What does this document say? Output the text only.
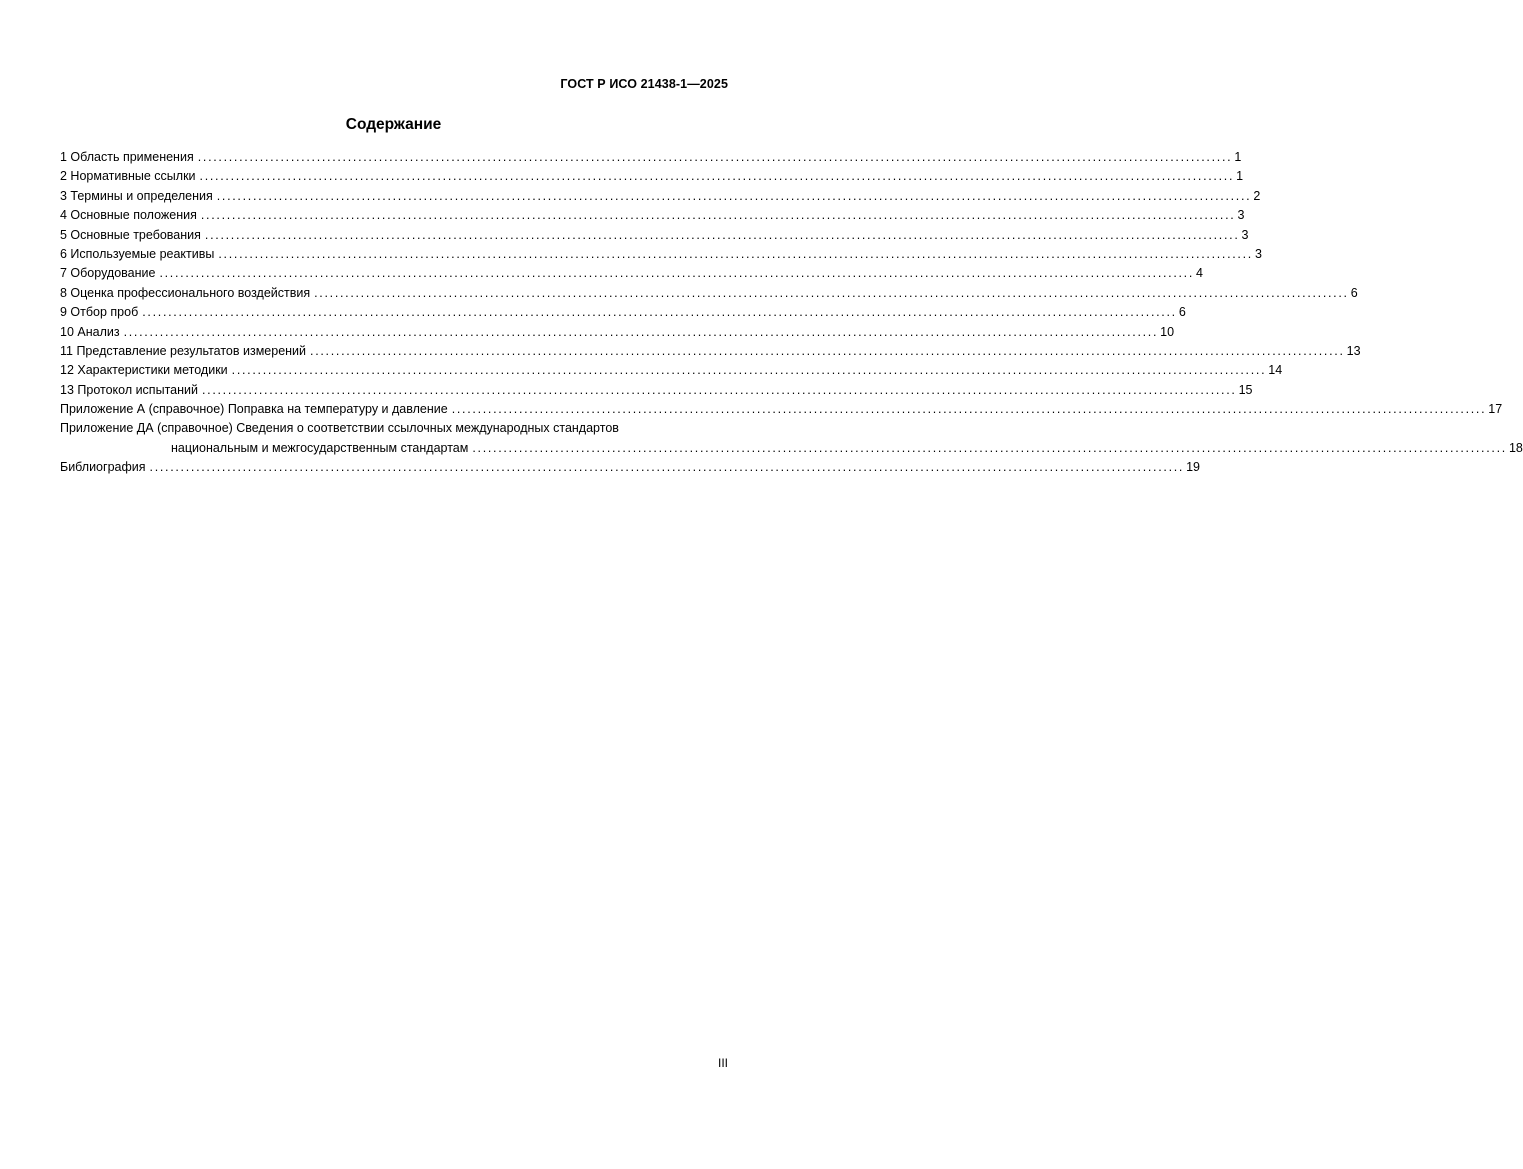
ГОСТ Р ИСО 21438-1—2025
Содержание
1 Область применения ........................................................................................................................................................................................................ 1
2 Нормативные ссылки ........................................................................................................................................................................................................ 1
3 Термины и определения ........................................................................................................................................................................................................ 2
4 Основные положения ........................................................................................................................................................................................................ 3
5 Основные требования ........................................................................................................................................................................................................ 3
6 Используемые реактивы ........................................................................................................................................................................................................ 3
7 Оборудование ........................................................................................................................................................................................................ 4
8 Оценка профессионального воздействия ........................................................................................................................................................................................................ 6
9 Отбор проб ........................................................................................................................................................................................................ 6
10 Анализ ........................................................................................................................................................................................................ 10
11 Представление результатов измерений ........................................................................................................................................................................................................ 13
12 Характеристики методики ........................................................................................................................................................................................................ 14
13 Протокол испытаний ........................................................................................................................................................................................................ 15
Приложение А (справочное) Поправка на температуру и давление ........................................................................................................................................................................................................ 17
Приложение ДА (справочное) Сведения о соответствии ссылочных международных стандартов
национальным и межгосударственным стандартам ........................................................................................................................................................................................................ 18
Библиография ........................................................................................................................................................................................................ 19
III
